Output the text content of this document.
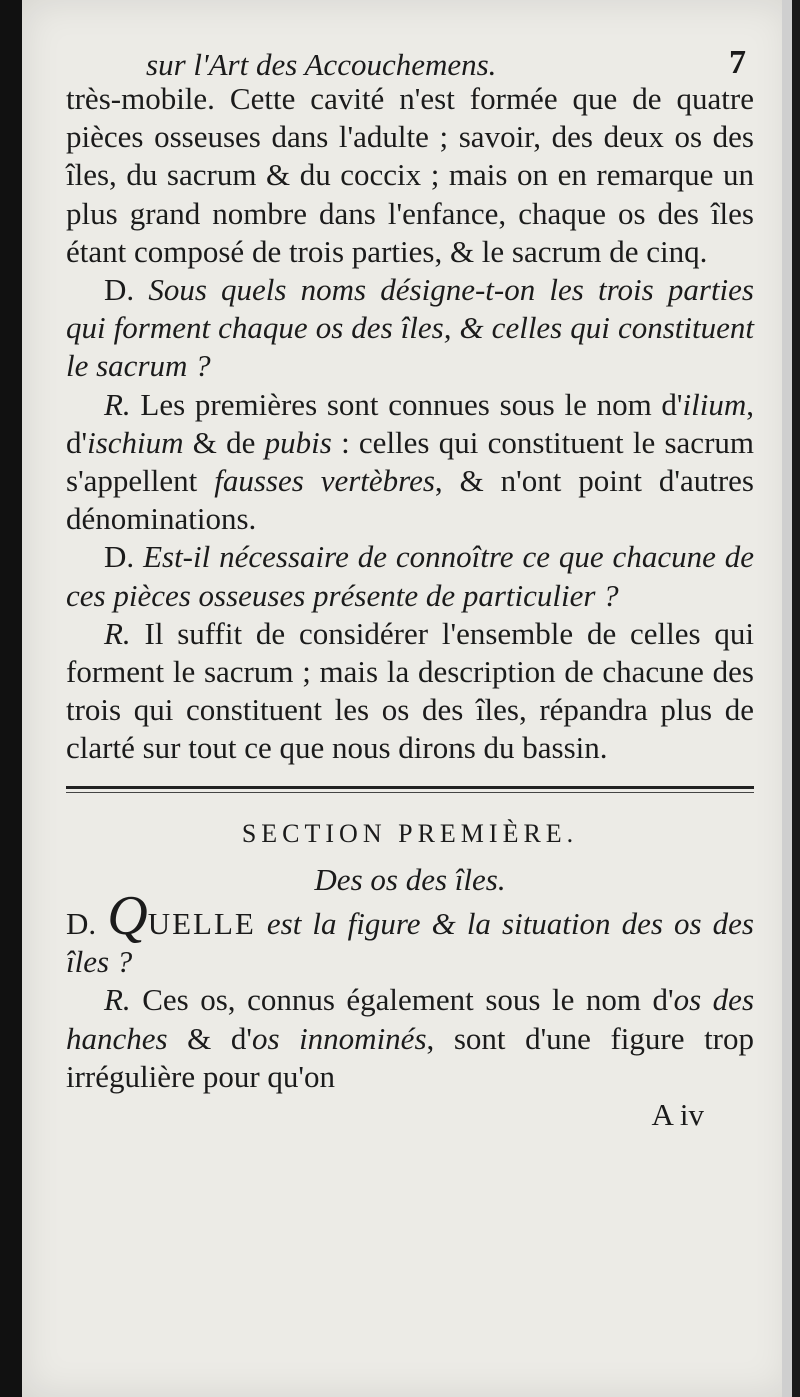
sur l'Art des Accouchemens.	7

très-mobile. Cette cavité n'est formée que de quatre pièces osseuses dans l'adulte ; savoir, des deux os des îles, du sacrum & du coccix ; mais on en remarque un plus grand nombre dans l'enfance, chaque os des îles étant composé de trois parties, & le sacrum de cinq.

D. Sous quels noms désigne-t-on les trois parties qui forment chaque os des îles, & celles qui constituent le sacrum ?

R. Les premières sont connues sous le nom d'ilium, d'ischium & de pubis : celles qui constituent le sacrum s'appellent fausses vertèbres, & n'ont point d'autres dénominations.

D. Est-il nécessaire de connoître ce que chacune de ces pièces osseuses présente de particulier ?

R. Il suffit de considérer l'ensemble de celles qui forment le sacrum ; mais la description de chacune des trois qui constituent les os des îles, répandra plus de clarté sur tout ce que nous dirons du bassin.

SECTION PREMIÈRE.
Des os des îles.

D. QUELLE est la figure & la situation des os des îles ?

R. Ces os, connus également sous le nom d'os des hanches & d'os innominés, sont d'une figure trop irrégulière pour qu'on

A iv
